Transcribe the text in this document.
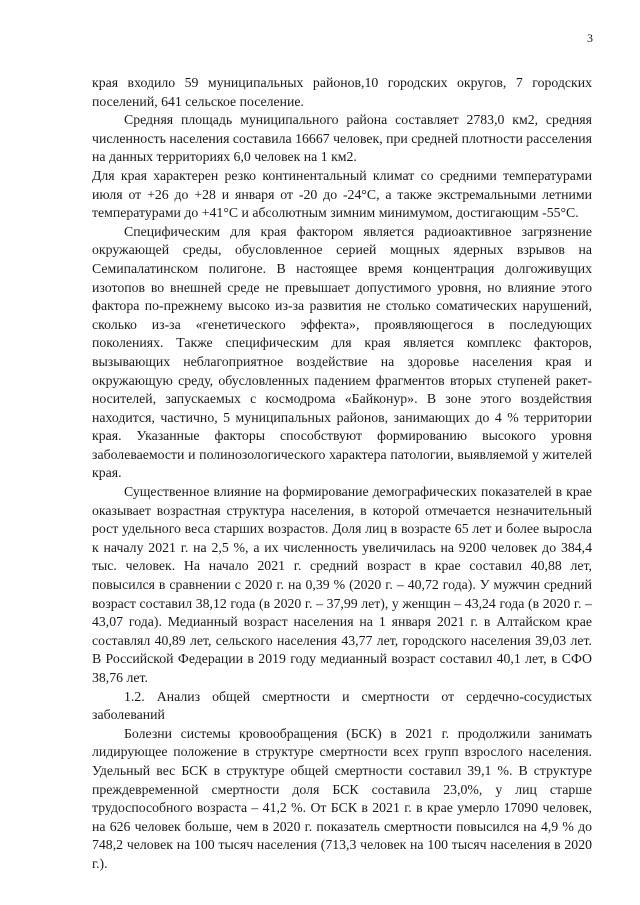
3

края входило 59 муниципальных районов,10 городских округов, 7 городских поселений, 641 сельское поселение.

Средняя площадь муниципального района составляет 2783,0 км2, средняя численность населения составила 16667 человек, при средней плотности расселения на данных территориях 6,0 человек на 1 км2.

Для края характерен резко континентальный климат со средними температурами июля от +26 до +28 и января от -20 до -24°С, а также экстремальными летними температурами до +41°С и абсолютным зимним минимумом, достигающим -55°С.

Специфическим для края фактором является радиоактивное загрязнение окружающей среды, обусловленное серией мощных ядерных взрывов на Семипалатинском полигоне. В настоящее время концентрация долгоживущих изотопов во внешней среде не превышает допустимого уровня, но влияние этого фактора по-прежнему высоко из-за развития не столько соматических нарушений, сколько из-за «генетического эффекта», проявляющегося в последующих поколениях. Также специфическим для края является комплекс факторов, вызывающих неблагоприятное воздействие на здоровье населения края и окружающую среду, обусловленных падением фрагментов вторых ступеней ракет-носителей, запускаемых с космодрома «Байконур». В зоне этого воздействия находится, частично, 5 муниципальных районов, занимающих до 4 % территории края. Указанные факторы способствуют формированию высокого уровня заболеваемости и полинозологического характера патологии, выявляемой у жителей края.

Существенное влияние на формирование демографических показателей в крае оказывает возрастная структура населения, в которой отмечается незначительный рост удельного веса старших возрастов. Доля лиц в возрасте 65 лет и более выросла к началу 2021 г. на 2,5 %, а их численность увеличилась на 9200 человек до 384,4 тыс. человек. На начало 2021 г. средний возраст в крае составил 40,88 лет, повысился в сравнении с 2020 г. на 0,39 % (2020 г. – 40,72 года). У мужчин средний возраст составил 38,12 года (в 2020 г. – 37,99 лет), у женщин – 43,24 года (в 2020 г. – 43,07 года). Медианный возраст населения на 1 января 2021 г. в Алтайском крае составлял 40,89 лет, сельского населения 43,77 лет, городского населения 39,03 лет. В Российской Федерации в 2019 году медианный возраст составил 40,1 лет, в СФО 38,76 лет.

1.2. Анализ общей смертности и смертности от сердечно-сосудистых заболеваний

Болезни системы кровообращения (БСК) в 2021 г. продолжили занимать лидирующее положение в структуре смертности всех групп взрослого населения. Удельный вес БСК в структуре общей смертности составил 39,1 %. В структуре преждевременной смертности доля БСК составила 23,0%, у лиц старше трудоспособного возраста – 41,2 %. От БСК в 2021 г. в крае умерло 17090 человек, на 626 человек больше, чем в 2020 г. показатель смертности повысился на 4,9 % до 748,2 человек на 100 тысяч населения (713,3 человек на 100 тысяч населения в 2020 г.).
